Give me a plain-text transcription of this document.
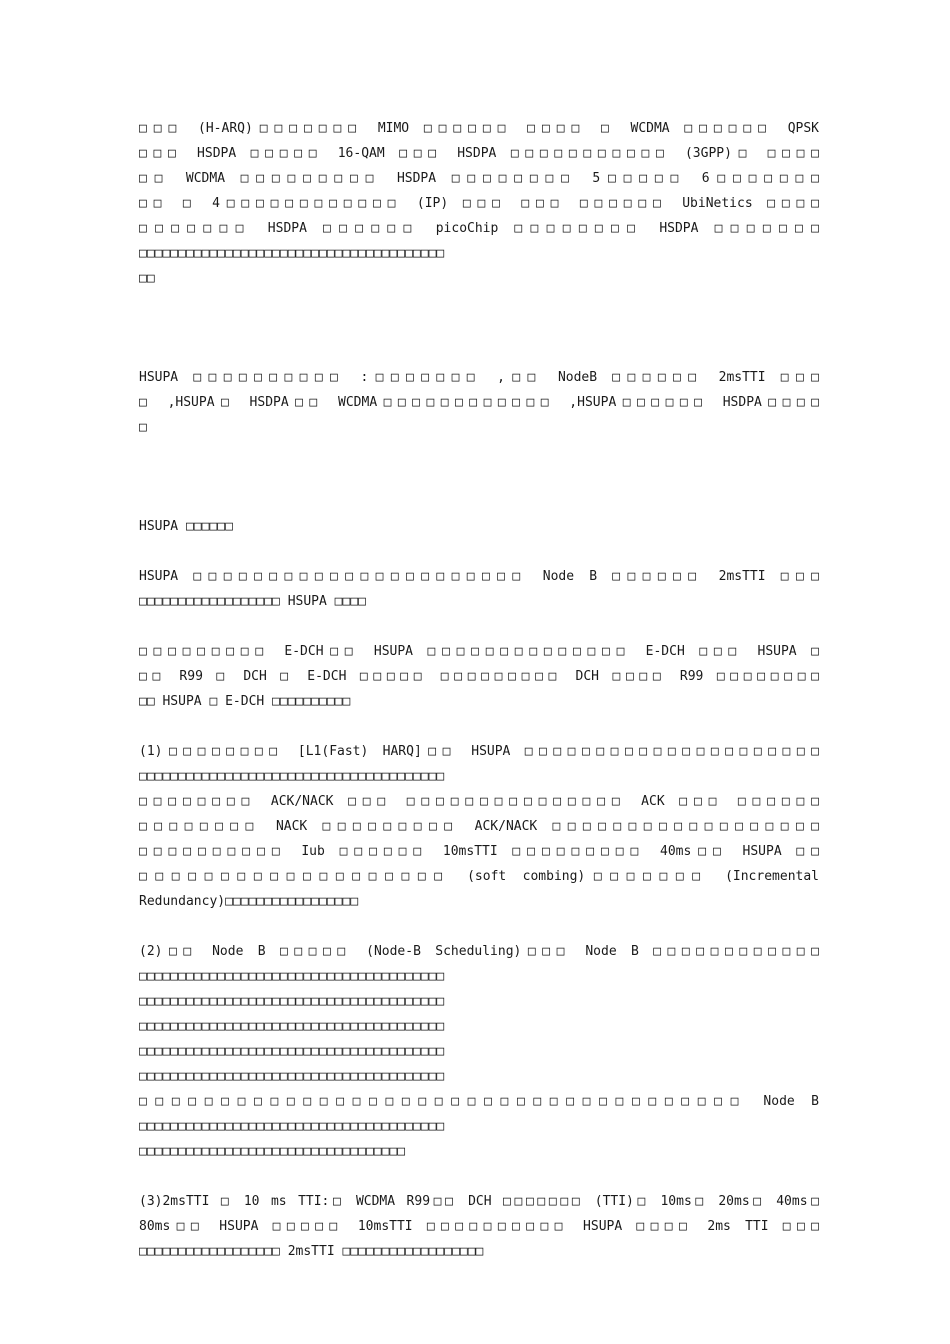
□□□ (H-ARQ)□□□□□□□ MIMO □□□□□□ □□□□ □ WCDMA □□□□□□ QPSK
□□□ HSDPA □□□□□ 16-QAM □□□ HSDPA □□□□□□□□□□□ (3GPP)□ □□□□
□□ WCDMA □□□□□□□□□ HSDPA □□□□□□□□ 5□□□□□ 6□□□□□□□
□□ □ 4□□□□□□□□□□□□ (IP) □□□ □□□ □□□□□□ UbiNetics □□□□
□□□□□□□ HSDPA □□□□□□ picoChip □□□□□□□□ HSDPA □□□□□□□
□□□□□□□□□□□□□□□□□□□□□□□□□□□□□□□□□□□□□□□
□□

HSUPA □□□□□□□□□□ :□□□□□□□ ,□□ NodeB □□□□□□ 2msTTI □□□
□ ,HSUPA□ HSDPA□□ WCDMA□□□□□□□□□□□□ ,HSUPA□□□□□□ HSDPA□□□□
□

HSUPA □□□□□□

HSUPA □□□□□□□□□□□□□□□□□□□□□□ Node B □□□□□□ 2msTTI □□□
□□□□□□□□□□□□□□□□□□ HSUPA □□□□

□□□□□□□□□ E-DCH□□ HSUPA □□□□□□□□□□□□□□ E-DCH □□□ HSUPA □
□□ R99 □ DCH □ E-DCH □□□□□ □□□□□□□□□ DCH □□□□ R99 □□□□□□□□
□□ HSUPA □ E-DCH □□□□□□□□□□

(1)□□□□□□□□ [L1(Fast) HARQ]□□ HSUPA □□□□□□□□□□□□□□□□□□□□□
□□□□□□□□□□□□□□□□□□□□□□□□□□□□□□□□□□□□□□□
□□□□□□□□ ACK/NACK □□□ □□□□□□□□□□□□□□□ ACK □□□ □□□□□□
□□□□□□□□ NACK □□□□□□□□□ ACK/NACK □□□□□□□□□□□□□□□□□□
□□□□□□□□□□ Iub □□□□□□ 10msTTI □□□□□□□□□ 40ms□□ HSUPA □□
□□□□□□□□□□□□□□□□□□□ (soft combing)□□□□□□□ (Incremental
Redundancy)□□□□□□□□□□□□□□□□□

(2)□□ Node B □□□□□ (Node-B Scheduling)□□□ Node B □□□□□□□□□□□□
□□□□□□□□□□□□□□□□□□□□□□□□□□□□□□□□□□□□□□□
□□□□□□□□□□□□□□□□□□□□□□□□□□□□□□□□□□□□□□□
□□□□□□□□□□□□□□□□□□□□□□□□□□□□□□□□□□□□□□□
□□□□□□□□□□□□□□□□□□□□□□□□□□□□□□□□□□□□□□□
□□□□□□□□□□□□□□□□□□□□□□□□□□□□□□□□□□□□□□□
□□□□□□□□□□□□□□□□□□□□□□□□□□□□□□□□□□□□□ Node B
□□□□□□□□□□□□□□□□□□□□□□□□□□□□□□□□□□□□□□□
□□□□□□□□□□□□□□□□□□□□□□□□□□□□□□□□□□

(3)2msTTI □ 10 ms TTI:□ WCDMA R99□□ DCH □□□□□□□ (TTI)□ 10ms□ 20ms□ 40ms□
80ms□□ HSUPA □□□□□ 10msTTI □□□□□□□□□□ HSUPA □□□□ 2ms TTI □□□
□□□□□□□□□□□□□□□□□□ 2msTTI □□□□□□□□□□□□□□□□□□
